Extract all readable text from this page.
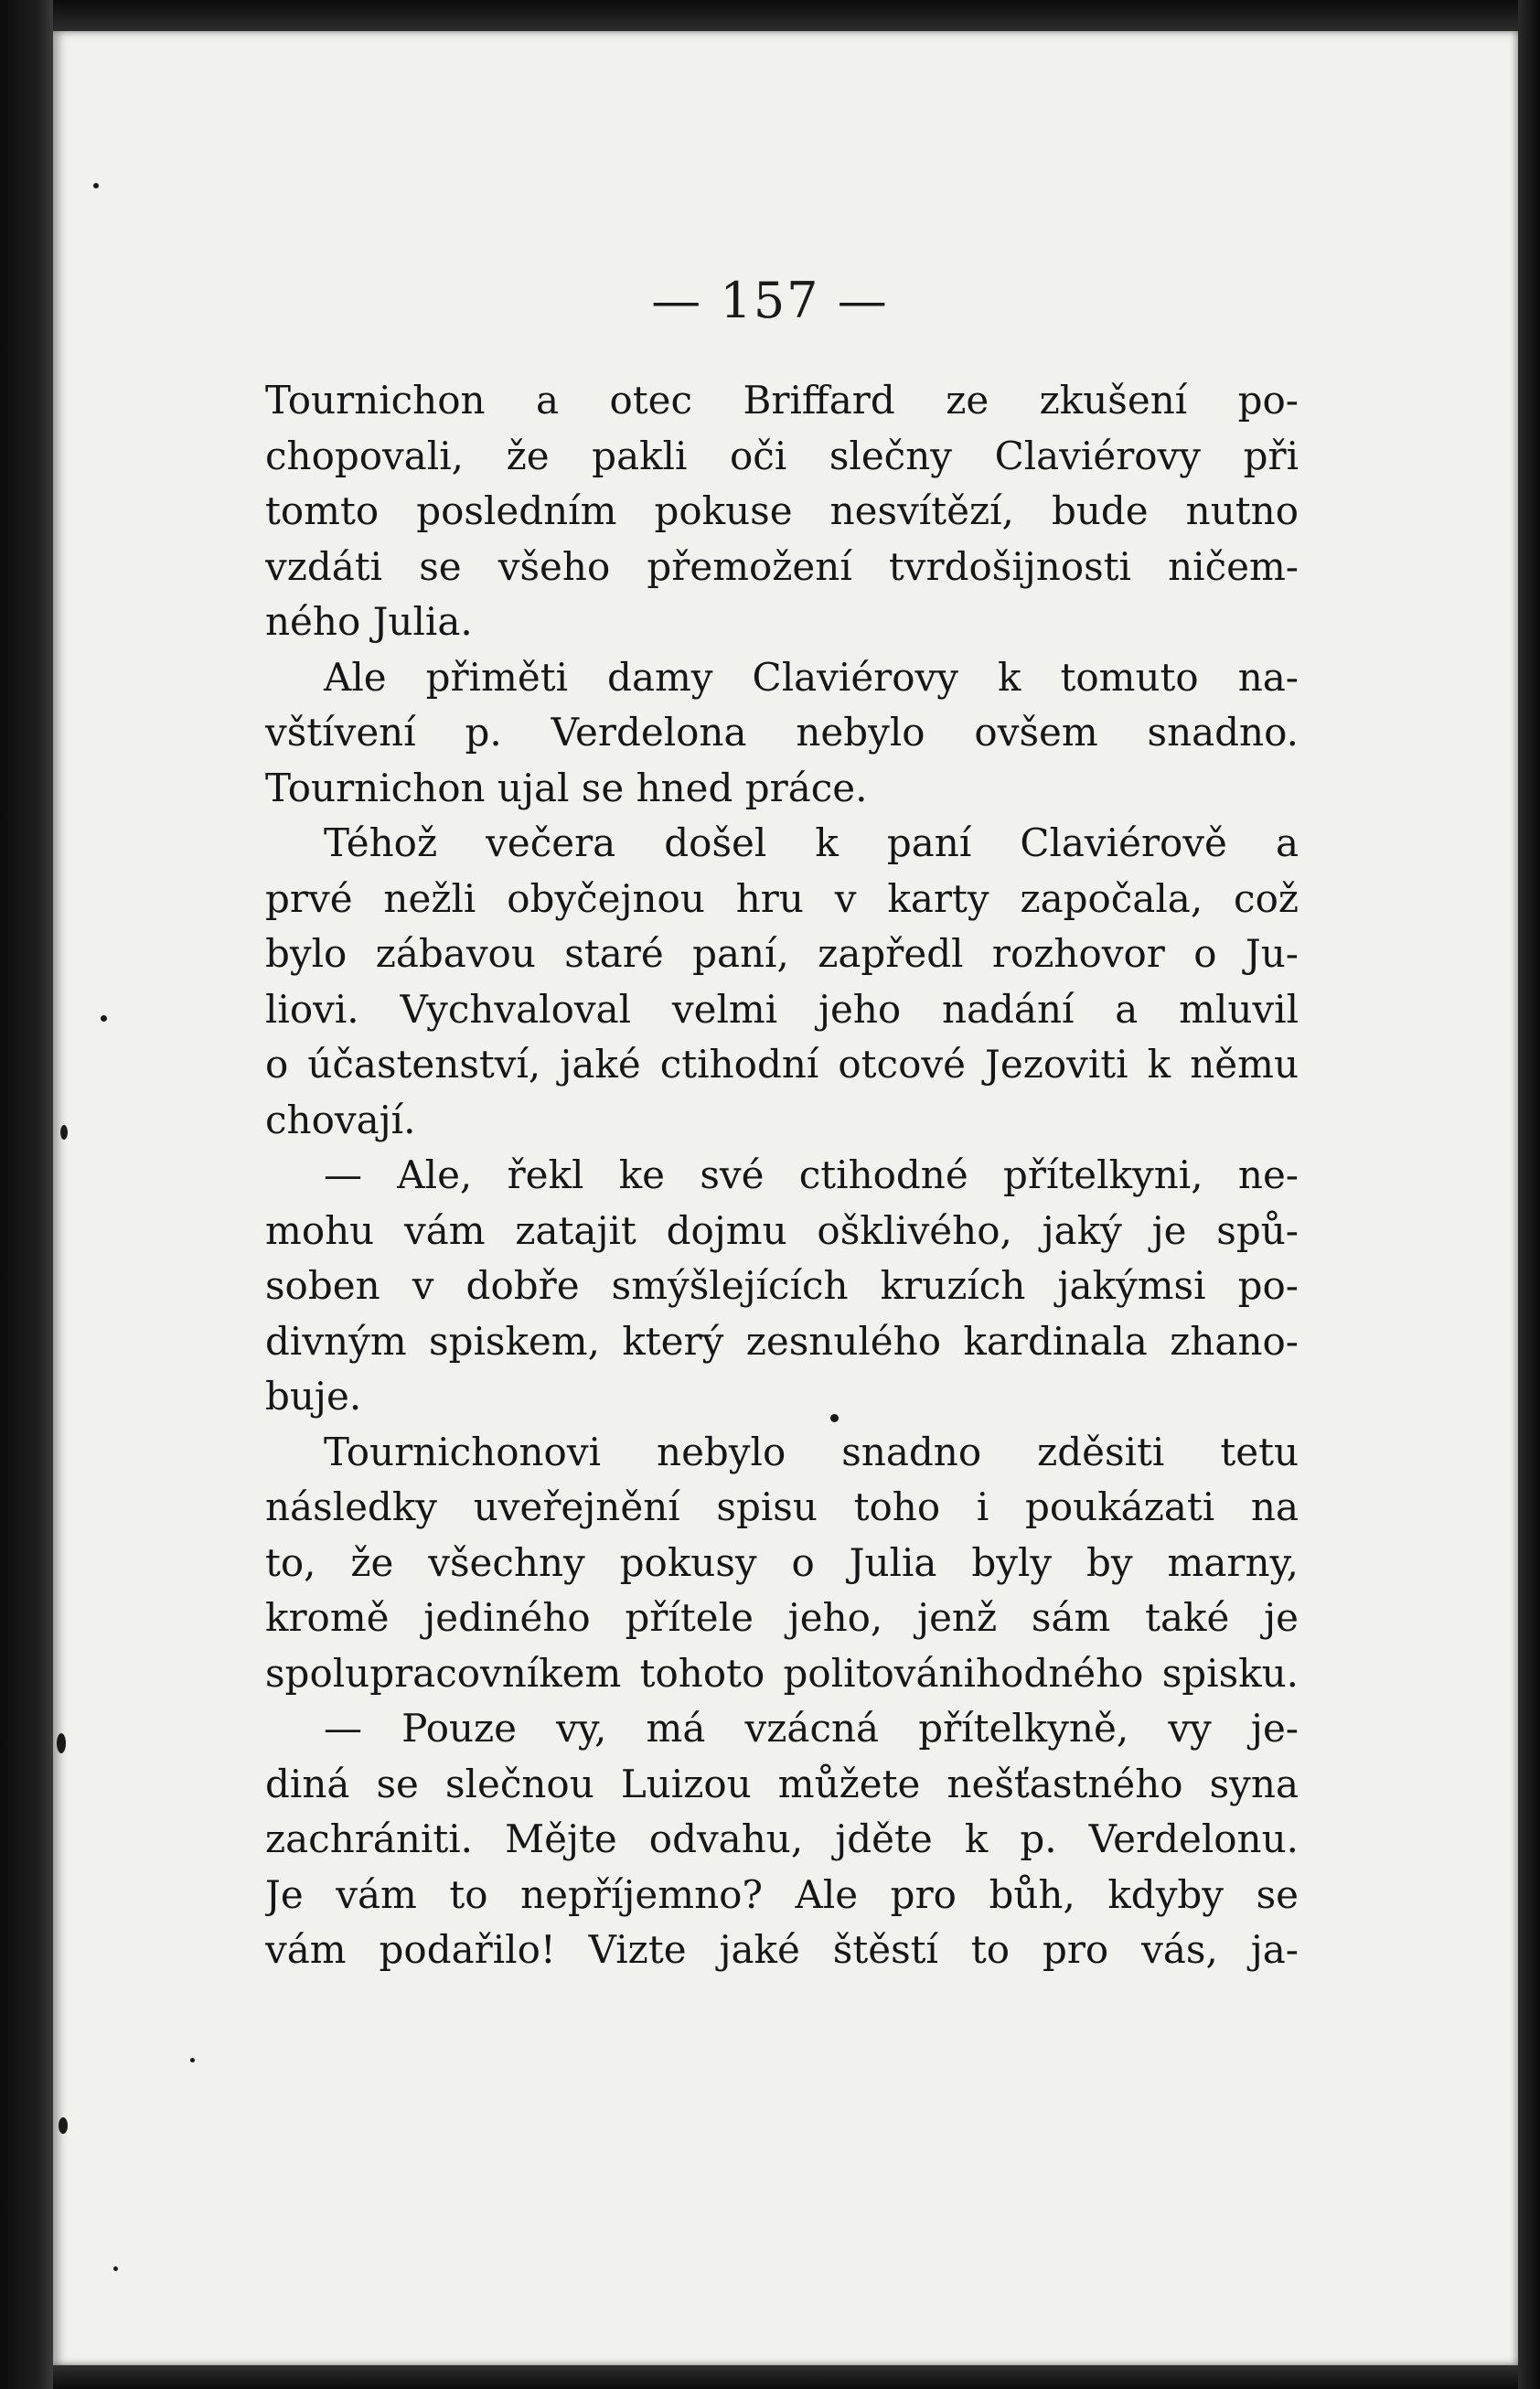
— 157 —
Tournichon a otec Briffard ze zkušení po-
chopovali, že pakli oči slečny Claviérovy při
tomto posledním pokuse nesvítězí, bude nutno
vzdáti se všeho přemožení tvrdošijnosti ničem-
ného Julia.
Ale přiměti damy Claviérovy k tomuto na-
vštívení p. Verdelona nebylo ovšem snadno.
Tournichon ujal se hned práce.
Téhož večera došel k paní Claviérově a
prvé nežli obyčejnou hru v karty započala, což
bylo zábavou staré paní, zapředl rozhovor o Ju-
liovi. Vychvaloval velmi jeho nadání a mluvil
o účastenství, jaké ctihodní otcové Jezoviti k němu
chovají.
— Ale, řekl ke své ctihodné přítelkyni, ne-
mohu vám zatajit dojmu ošklivého, jaký je spů-
soben v dobře smýšlejících kruzích jakýmsi po-
divným spiskem, který zesnulého kardinala zhano-
buje.
Tournichonovi nebylo snadno zděsiti tetu
následky uveřejnění spisu toho i poukázati na
to, že všechny pokusy o Julia byly by marny,
kromě jediného přítele jeho, jenž sám také je
spolupracovníkem tohoto politovánihodného spisku.
— Pouze vy, má vzácná přítelkyně, vy je-
diná se slečnou Luizou můžete nešťastného syna
zachrániti. Mějte odvahu, jděte k p. Verdelonu.
Je vám to nepříjemno? Ale pro bůh, kdyby se
vám podařilo! Vizte jaké štěstí to pro vás, ja-
